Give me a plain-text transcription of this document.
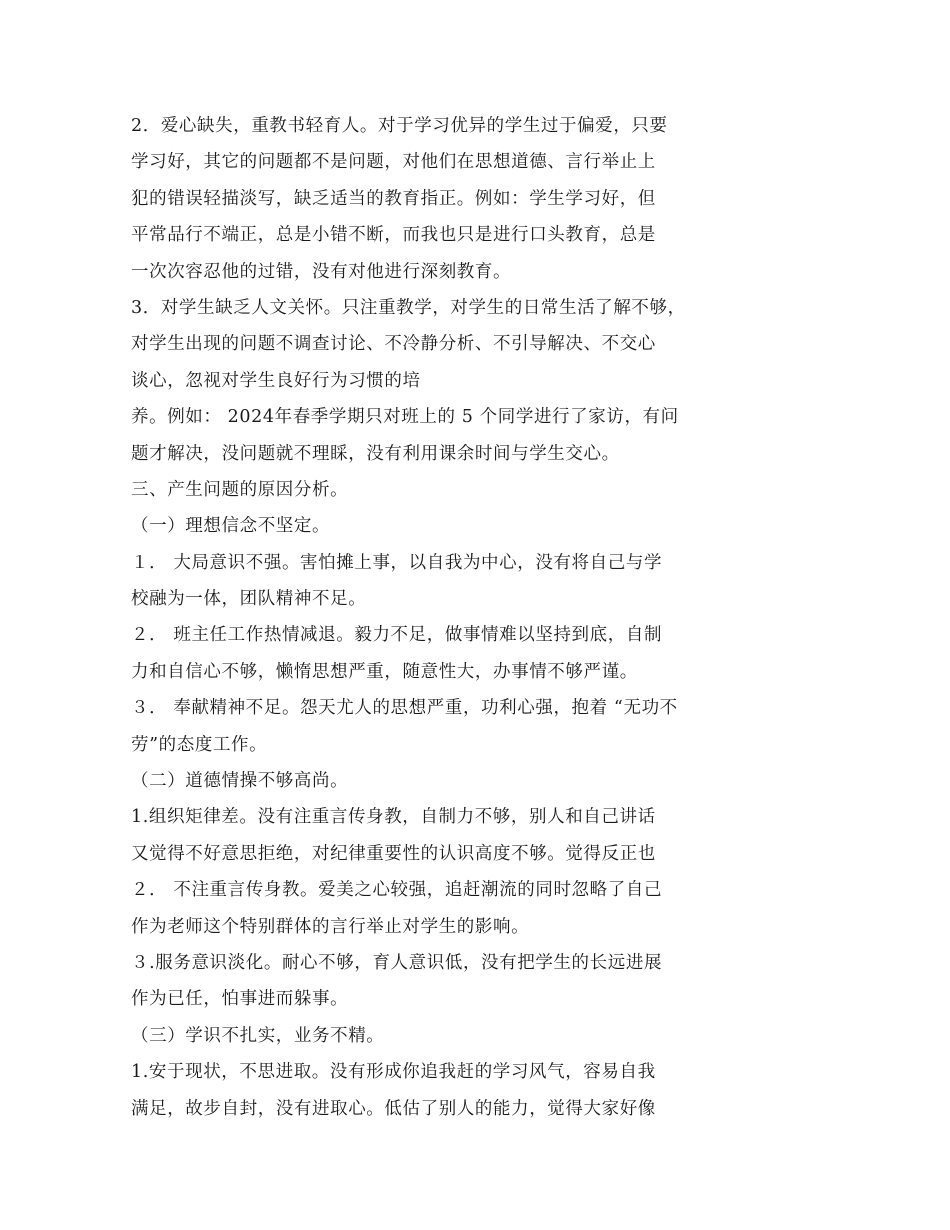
2．爱心缺失，重教书轻育人。对于学习优异的学生过于偏爱，只要
学习好，其它的问题都不是问题，对他们在思想道德、言行举止上
犯的错误轻描淡写，缺乏适当的教育指正。例如：学生学习好，但
平常品行不端正，总是小错不断，而我也只是进行口头教育，总是
一次次容忍他的过错，没有对他进行深刻教育。
3．对学生缺乏人文关怀。只注重教学，对学生的日常生活了解不够，
对学生出现的问题不调查讨论、不冷静分析、不引导解决、不交心
谈心，忽视对学生良好行为习惯的培
养。例如： 2024年春季学期只对班上的 5 个同学进行了家访，有问
题才解决，没问题就不理睬，没有利用课余时间与学生交心。
三、产生问题的原因分析。
（一）理想信念不坚定。
１． 大局意识不强。害怕摊上事，以自我为中心，没有将自己与学
校融为一体，团队精神不足。
２． 班主任工作热情减退。毅力不足，做事情难以坚持到底，自制
力和自信心不够，懒惰思想严重，随意性大，办事情不够严谨。
３． 奉献精神不足。怨天尤人的思想严重，功利心强，抱着 “无功不
劳”的态度工作。
（二）道德情操不够高尚。
1.组织矩律差。没有注重言传身教，自制力不够，别人和自己讲话
又觉得不好意思拒绝，对纪律重要性的认识高度不够。觉得反正也
２． 不注重言传身教。爱美之心较强，追赶潮流的同时忽略了自己
作为老师这个特别群体的言行举止对学生的影响。
３.服务意识淡化。耐心不够，育人意识低，没有把学生的长远进展
作为已任，怕事进而躲事。
（三）学识不扎实，业务不精。
1.安于现状，不思进取。没有形成你追我赶的学习风气，容易自我
满足，故步自封，没有进取心。低估了别人的能力，觉得大家好像
